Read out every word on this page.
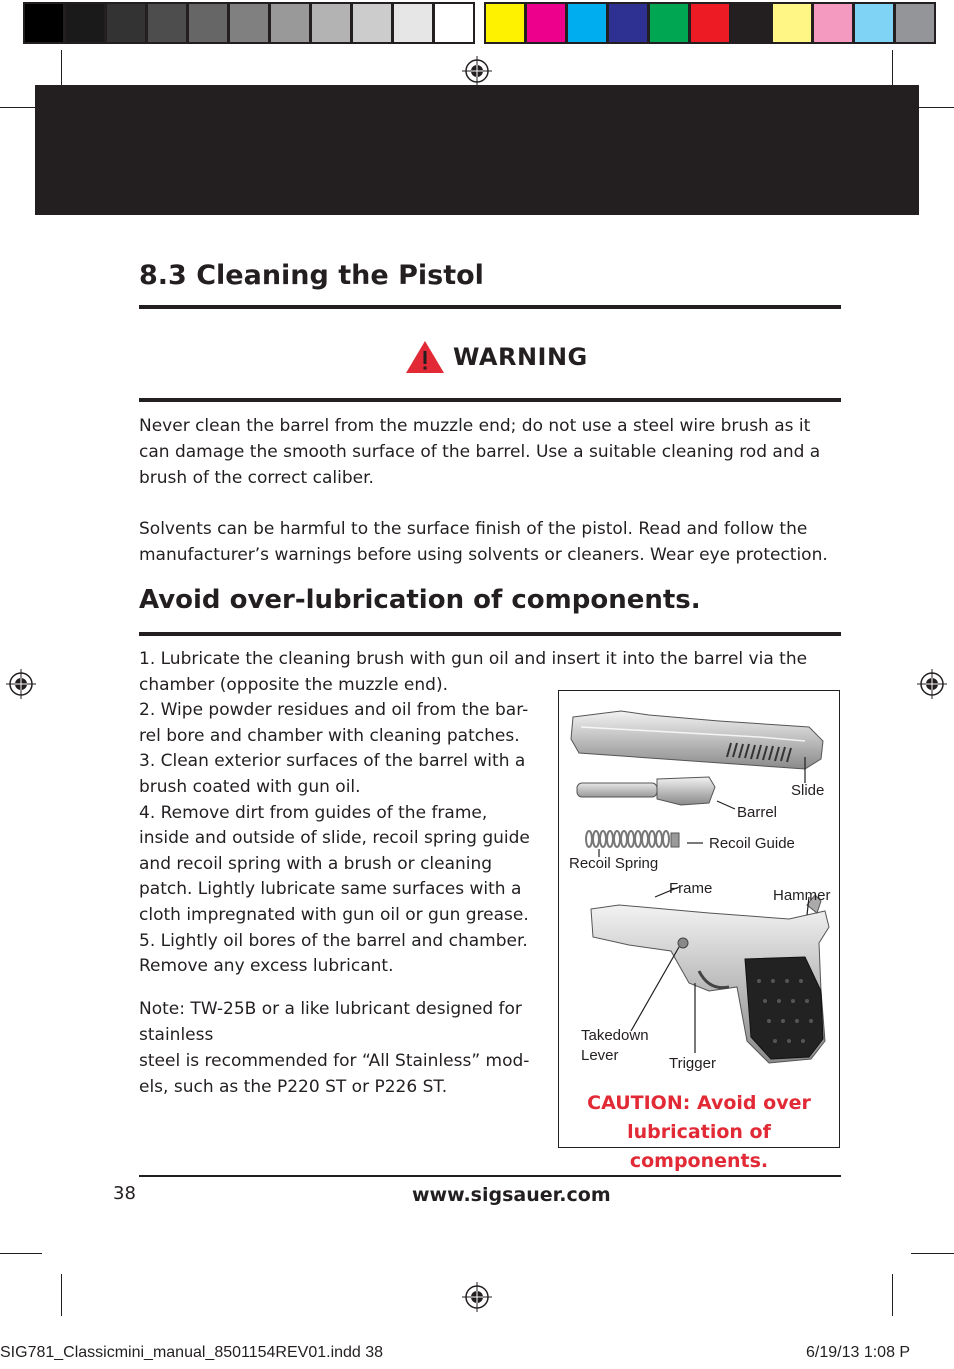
8.3 Cleaning the Pistol
WARNING

Never clean the barrel from the muzzle end; do not use a steel wire brush as it
can damage the smooth surface of the barrel. Use a suitable cleaning rod and a
brush of the correct caliber.

Solvents can be harmful to the surface finish of the pistol. Read and follow the
manufacturer’s warnings before using solvents or cleaners. Wear eye protection.

Avoid over-lubrication of components.
1. Lubricate the cleaning brush with gun oil and insert it into the barrel via the
chamber (opposite the muzzle end).
2. Wipe powder residues and oil from the bar-
rel bore and chamber with cleaning patches.
3. Clean exterior surfaces of the barrel with a
brush coated with gun oil.
4. Remove dirt from guides of the frame,
inside and outside of slide, recoil spring guide
and recoil spring with a brush or cleaning
patch. Lightly lubricate same surfaces with a
cloth impregnated with gun oil or gun grease.
5. Lightly oil bores of the barrel and chamber.
Remove any excess lubricant.
Note: TW-25B or a like lubricant designed for
stainless
steel is recommended for “All Stainless” mod-
els, such as the P220 ST or P226 ST.
Slide
Barrel
Recoil Guide
Recoil Spring
Frame	Hammer
Takedown
Lever	Trigger
CAUTION: Avoid over
lubrication of components.
38	www.sigsauer.com
SIG781_Classicmini_manual_8501154REV01.indd 38	6/19/13 1:08 P
